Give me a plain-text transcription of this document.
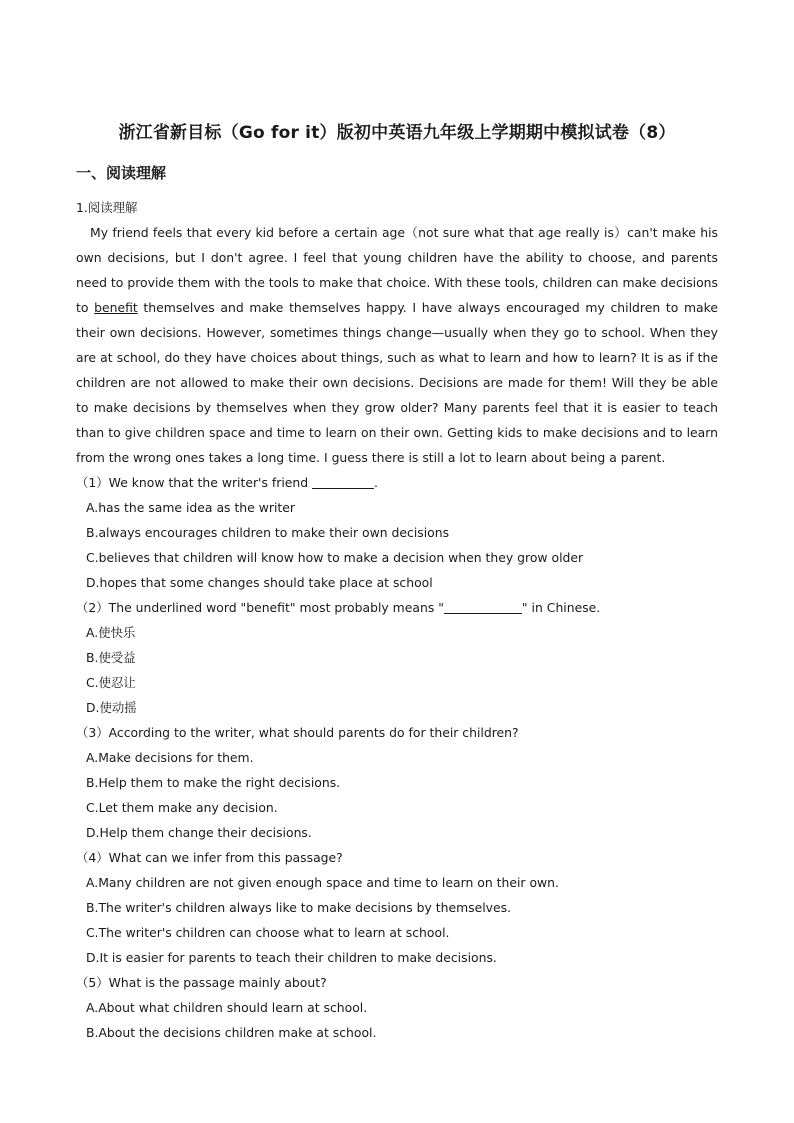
浙江省新目标（Go for it）版初中英语九年级上学期期中模拟试卷（8）
一、阅读理解

1.阅读理解

My friend feels that every kid before a certain age（not sure what that age really is）can't make his own decisions, but I don't agree. I feel that young children have the ability to choose, and parents need to provide them with the tools to make that choice. With these tools, children can make decisions to benefit themselves and make themselves happy. I have always encouraged my children to make their own decisions. However, sometimes things change—usually when they go to school. When they are at school, do they have choices about things, such as what to learn and how to learn? It is as if the children are not allowed to make their own decisions. Decisions are made for them! Will they be able to make decisions by themselves when they grow older? Many parents feel that it is easier to teach than to give children space and time to learn on their own. Getting kids to make decisions and to learn from the wrong ones takes a long time. I guess there is still a lot to learn about being a parent.

（1）We know that the writer's friend	.

A.has the same idea as the writer

B.always encourages children to make their own decisions

C.believes that children will know how to make a decision when they grow older

D.hopes that some changes should take place at school

（2）The underlined word "benefit" most probably means "	" in Chinese.

A.使快乐

B.使受益

C.使忍让

D.使动摇

（3）According to the writer, what should parents do for their children?

A.Make decisions for them.

B.Help them to make the right decisions.

C.Let them make any decision.

D.Help them change their decisions.

（4）What can we infer from this passage?

A.Many children are not given enough space and time to learn on their own.

B.The writer's children always like to make decisions by themselves.

C.The writer's children can choose what to learn at school.

D.It is easier for parents to teach their children to make decisions.

（5）What is the passage mainly about?

A.About what children should learn at school.

B.About the decisions children make at school.
